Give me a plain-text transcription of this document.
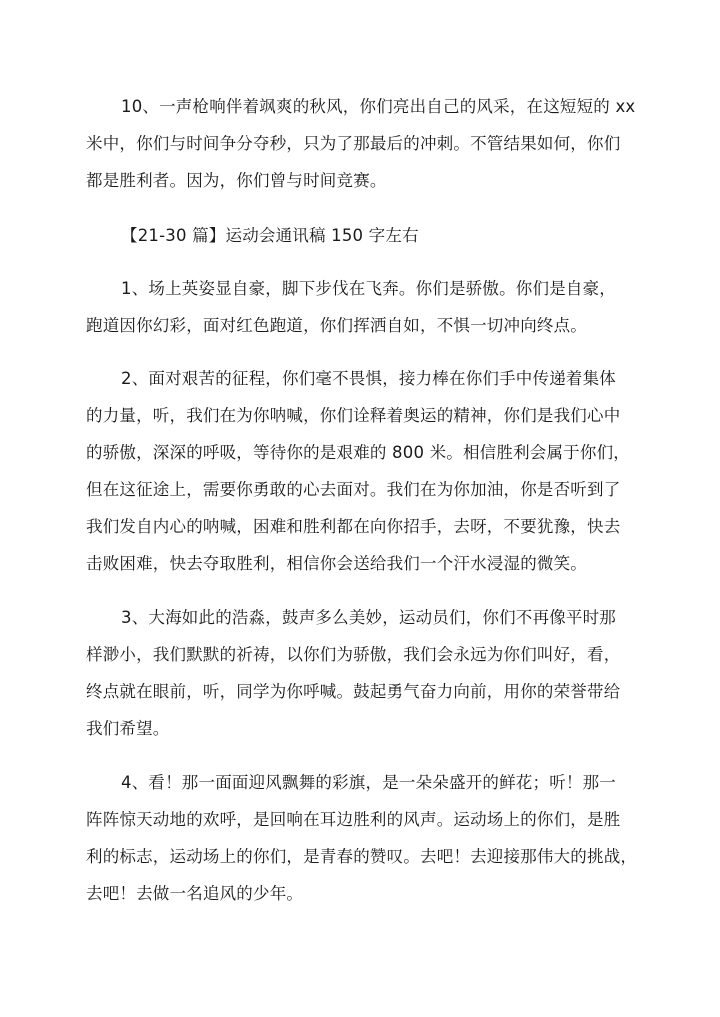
10、一声枪响伴着飒爽的秋风，你们亮出自己的风采，在这短短的 xx
米中，你们与时间争分夺秒，只为了那最后的冲刺。不管结果如何，你们
都是胜利者。因为，你们曾与时间竞赛。
【21-30 篇】运动会通讯稿 150 字左右
1、场上英姿显自豪，脚下步伐在飞奔。你们是骄傲。你们是自豪，
跑道因你幻彩，面对红色跑道，你们挥洒自如，不惧一切冲向终点。
2、面对艰苦的征程，你们毫不畏惧，接力棒在你们手中传递着集体
的力量，听，我们在为你呐喊，你们诠释着奥运的精神，你们是我们心中
的骄傲，深深的呼吸，等待你的是艰难的 800 米。相信胜利会属于你们，
但在这征途上，需要你勇敢的心去面对。我们在为你加油，你是否听到了
我们发自内心的呐喊，困难和胜利都在向你招手，去呀，不要犹豫，快去
击败困难，快去夺取胜利，相信你会送给我们一个汗水浸湿的微笑。
3、大海如此的浩淼，鼓声多么美妙，运动员们，你们不再像平时那
样渺小，我们默默的祈祷，以你们为骄傲，我们会永远为你们叫好，看，
终点就在眼前，听，同学为你呼喊。鼓起勇气奋力向前，用你的荣誉带给
我们希望。
4、看！那一面面迎风飘舞的彩旗，是一朵朵盛开的鲜花；听！那一
阵阵惊天动地的欢呼，是回响在耳边胜利的风声。运动场上的你们，是胜
利的标志，运动场上的你们，是青春的赞叹。去吧！去迎接那伟大的挑战，
去吧！去做一名追风的少年。
